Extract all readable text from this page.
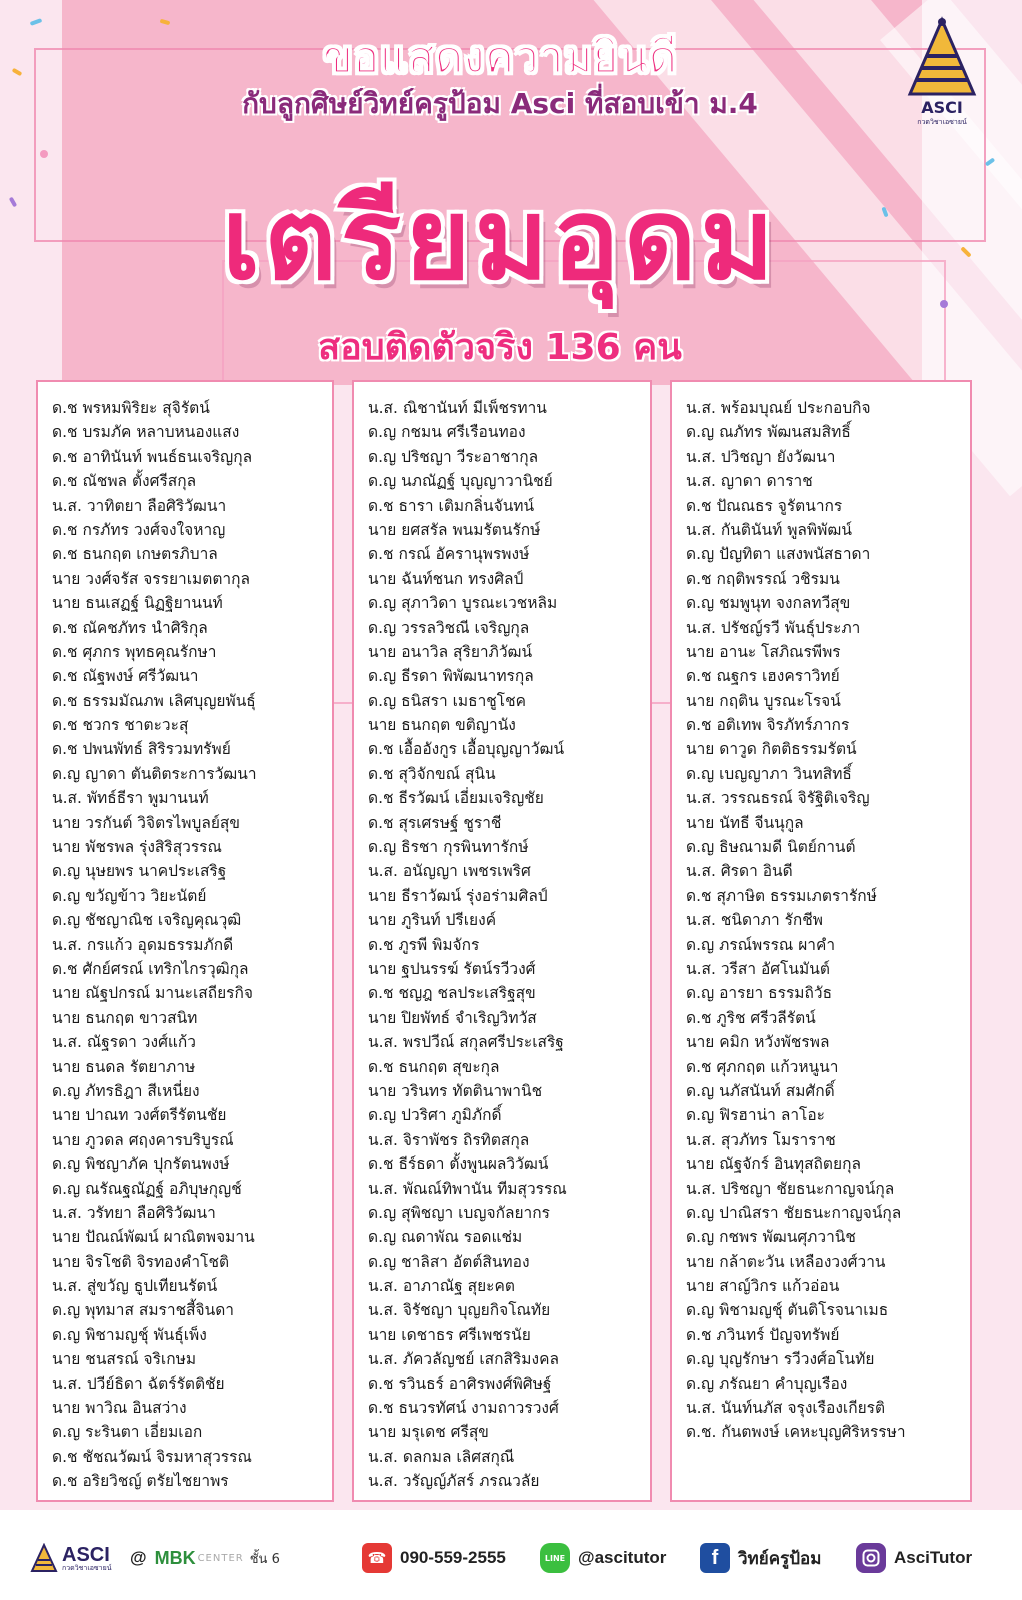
ขอแสดงความยินดี
กับลูกศิษย์วิทย์ครูป้อม Asci ที่สอบเข้า ม.4
เตรียมอุดม
สอบติดตัวจริง 136 คน
ASCI
กวดวิชาเอซายน์
ด.ช พรหมพิริยะ สุจิรัตน์
ด.ช บรมภัค หลาบหนองแสง
ด.ช อาทินันท์ พนธ์ธนเจริญกุล
ด.ช ณัชพล ตั้งศรีสกุล
น.ส. วาทิตยา ลือศิริวัฒนา
ด.ช กรภัทร วงศ์จงใจหาญ
ด.ช ธนกฤต เกษตรภิบาล
นาย วงศ์จรัส จรรยาเมตตากุล
นาย ธนเสฏฐ์ นิฏฐิยานนท์
ด.ช ณัคชภัทร นำศิริกุล
ด.ช ศุภกร พุทธคุณรักษา
ด.ช ณัฐพงษ์ ศรีวัฒนา
ด.ช ธรรมมัณภพ เลิศบุญยพันธุ์
ด.ช ชวกร ชาตะวะสุ
ด.ช ปพนพัทธ์ สิริรวมทรัพย์
ด.ญ ญาดา ตันติตระการวัฒนา
น.ส. พัทธ์ธีรา พูมานนท์
นาย วรกันต์ วิจิตรไพบูลย์สุข
นาย พัชรพล รุ่งสิริสุวรรณ
ด.ญ นุษยพร นาคประเสริฐ
ด.ญ ขวัญข้าว วิยะนัตย์
ด.ญ ชัชญาณิช เจริญคุณวุฒิ
น.ส. กรแก้ว อุดมธรรมภักดี
ด.ช ศักย์ศรณ์ เทริกไกรวุฒิกุล
นาย ณัฐปกรณ์ มานะเสถียรกิจ
นาย ธนกฤต ขาวสนิท
น.ส. ณัฐรดา วงศ์แก้ว
นาย ธนดล รัตยาภาษ
ด.ญ ภัทรธิฎา สีเหนี่ยง
นาย ปาณท วงศ์ตรีรัตนชัย
นาย ภูวดล ศฤงคารบริบูรณ์
ด.ญ พิชญาภัค ปุกรัตนพงษ์
ด.ญ ณรัณฐณัฏฐ์ อภิบุษกุญช์
น.ส. วรัทยา ลือศิริวัฒนา
นาย ปัณณ์พัฒน์ ผาณิตพจมาน
นาย จิรโชติ จิรทองคำโชติ
น.ส. สู่ขวัญ ธูปเทียนรัตน์
ด.ญ พุทมาส สมราชสี้จินดา
ด.ญ พิชามญชุ์ พันธุ์เพ็ง
นาย ชนสรณ์ จริเกษม
น.ส. ปวีย์ธิดา ฉัตร์รัตติชัย
นาย พาวิณ อินสว่าง
ด.ญ ระรินตา เอี่ยมเอก
ด.ช ชัชณวัฒน์ จิรมหาสุวรรณ
ด.ช อริยวิชญ์ ตรัยไชยาพร
น.ส. ณิชานันท์ มีเพ็ชรทาน
ด.ญ กชมน ศรีเรือนทอง
ด.ญ ปริชญา วีระอาชากุล
ด.ญ นภณัฏฐ์ บุญญาวานิชย์
ด.ช ธารา เติมกลิ่นจันทน์
นาย ยศสรัล พนมรัตนรักษ์
ด.ช กรณ์ อัครานุพรพงษ์
นาย ฉันท์ชนก ทรงศิลป์
ด.ญ สุภาวิดา บูรณะเวชหลิม
ด.ญ วรรลวิชณี เจริญกุล
นาย อนาวิล สุริยาภิวัฒน์
ด.ญ ธีรดา พิพัฒนาทรกุล
ด.ญ ธนิสรา เมธาชูโชค
นาย ธนกฤต ขติญานัง
ด.ช เอื้ออังกูร เอื้อบุญญาวัฒน์
ด.ช สุวิจักขณ์ สุนิน
ด.ช ธีรวัฒน์ เอี่ยมเจริญชัย
ด.ช สุรเศรษฐ์ ชูราชี
ด.ญ ธิรชา กุรพินทารักษ์
น.ส. อนัญญา เพชรเพริศ
นาย ธีราวัฒน์ รุ่งอร่ามศิลป์
นาย ภูรินท์ ปรีเยงค์
ด.ช ภูรพี พิมจักร
นาย ฐปนรรฆ์ รัตน์รวีวงศ์
ด.ช ชญฎ ชลประเสริฐสุข
นาย ปิยพัทธ์ จำเริญวิทวัส
น.ส. พรปวีณ์ สกุลศรีประเสริฐ
ด.ช ธนกฤต สุขะกุล
นาย วรินทร ทัตตินาพานิช
ด.ญ ปวริศา ภูมิภักดิ์
น.ส. จิราพัชร ถิรทิตสกุล
ด.ช ธีร์ธดา ตั้งพูนผลวิวัฒน์
น.ส. พัณณ์ทิพานัน ทีมสุวรรณ
ด.ญ สุพิชญา เบญจกัลยากร
ด.ญ ณดาพัณ รอดแช่ม
ด.ญ ชาลิสา อัตต์สินทอง
น.ส. อาภาณัฐ สุยะคต
น.ส. จิรัชญา บุญยกิจโณทัย
นาย เดชาธร ศรีเพชรนัย
น.ส. ภัควลัญชย์ เสกสิริมงคล
ด.ช รวินธร์ อาศิรพงศ์พิศิษฐ์
ด.ช ธนวรทัศน์ งามถาวรวงศ์
นาย มรุเดช ศรีสุข
น.ส. ดลกมล เลิศสกุณี
น.ส. วรัญญ์ภัสร์ ภรณวลัย
น.ส. พร้อมบุณย์ ประกอบกิจ
ด.ญ ณภัทร พัฒนสมสิทธิ์
น.ส. ปวิชญา ยังวัฒนา
น.ส. ญาดา ดาราช
ด.ช ปัณณธร จูรัตนากร
น.ส. กันตินันท์ พูลพิพัฒน์
ด.ญ ปัญทิตา แสงพนัสธาดา
ด.ช กฤติพรรณ์ วชิรมน
ด.ญ ชมพูนุท จงกลทวีสุข
น.ส. ปรัชญ์รวี พันธุ์ประภา
นาย อานะ โสภิณรพีพร
ด.ช ณฐกร เฮงคราวิทย์
นาย กฤติน บูรณะโรจน์
ด.ช อติเทพ จิรภัทร์ภากร
นาย ดาวูด กิตติธรรมรัตน์
ด.ญ เบญญาภา วินทสิทธิ์
น.ส. วรรณธรณ์ จิรัฐิติเจริญ
นาย นัทธี จีนนุกูล
ด.ญ ธิษณามดี นิตย์กานต์
น.ส. ศิรดา อินดี
ด.ช สุภาษิต ธรรมเภตรารักษ์
น.ส. ชนิดาภา รักชีพ
ด.ญ ภรณ์พรรณ ผาคำ
น.ส. วรีสา อัศโนมันต์
ด.ญ อารยา ธรรมถิวัธ
ด.ช ภูริช ศรีวลีรัตน์
นาย คมิก หวังพัชรพล
ด.ช ศุภกฤต แก้วหนูนา
ด.ญ นภัสนันท์ สมศักดิ์
ด.ญ ฟิรฮาน่า ลาโอะ
น.ส. สุวภัทร โมราราช
นาย ณัฐจักร์ อินทุสถิตยกุล
น.ส. ปริชญา ชัยธนะกาญจน์กุล
ด.ญ ปาณิสรา ชัยธนะกาญจน์กุล
ด.ญ กชพร พัฒนศุภวานิช
นาย กล้าตะวัน เหลืองวงศ์วาน
นาย สาญ์วิกร แก้วอ่อน
ด.ญ พิชามญชุ์ ตันติโรจนาเมธ
ด.ช ภวินทร์ ปัญจทรัพย์
ด.ญ บุญรักษา รวีวงศ์อโนทัย
ด.ญ ภรัณยา คำบุญเรือง
น.ส. นันท์นภัส จรุงเรืองเกียรติ
ด.ช. กันตพงษ์ เคหะบุญศิริหรรษา
ASCI
กวดวิชาเอซายน์
@ MBK CENTER ชั้น 6	☎ 090-559-2555	LINE @ascitutor	f	วิทย์ครูป้อม	AsciTutor
